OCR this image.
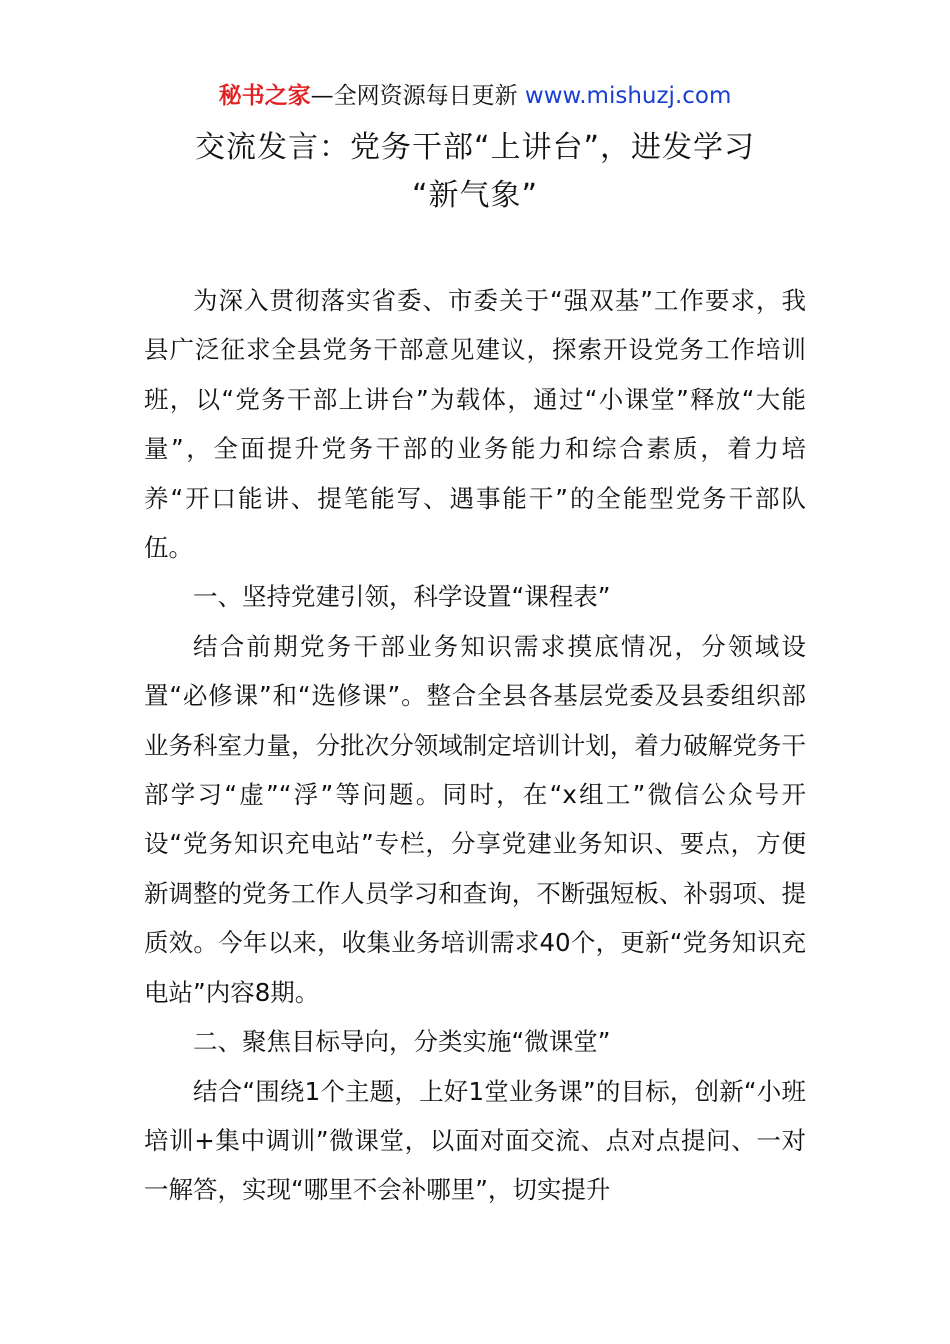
秘书之家—全网资源每日更新 www.mishuzj.com
交流发言：党务干部“上讲台”，进发学习
“新气象”

为深入贯彻落实省委、市委关于“强双基”工作要求，我县广泛征求全县党务干部意见建议，探索开设党务工作培训班，以“党务干部上讲台”为载体，通过“小课堂”释放“大能量”，全面提升党务干部的业务能力和综合素质，着力培养“开口能讲、提笔能写、遇事能干”的全能型党务干部队伍。

一、坚持党建引领，科学设置“课程表”

结合前期党务干部业务知识需求摸底情况，分领域设置“必修课”和“选修课”。整合全县各基层党委及县委组织部业务科室力量，分批次分领域制定培训计划，着力破解党务干部学习“虚”“浮”等问题。同时，在“x组工”微信公众号开设“党务知识充电站”专栏，分享党建业务知识、要点，方便新调整的党务工作人员学习和查询，不断强短板、补弱项、提质效。今年以来，收集业务培训需求40个，更新“党务知识充电站”内容8期。

二、聚焦目标导向，分类实施“微课堂”

结合“围绕1个主题，上好1堂业务课”的目标，创新“小班培训+集中调训”微课堂，以面对面交流、点对点提问、一对一解答，实现“哪里不会补哪里”，切实提升
